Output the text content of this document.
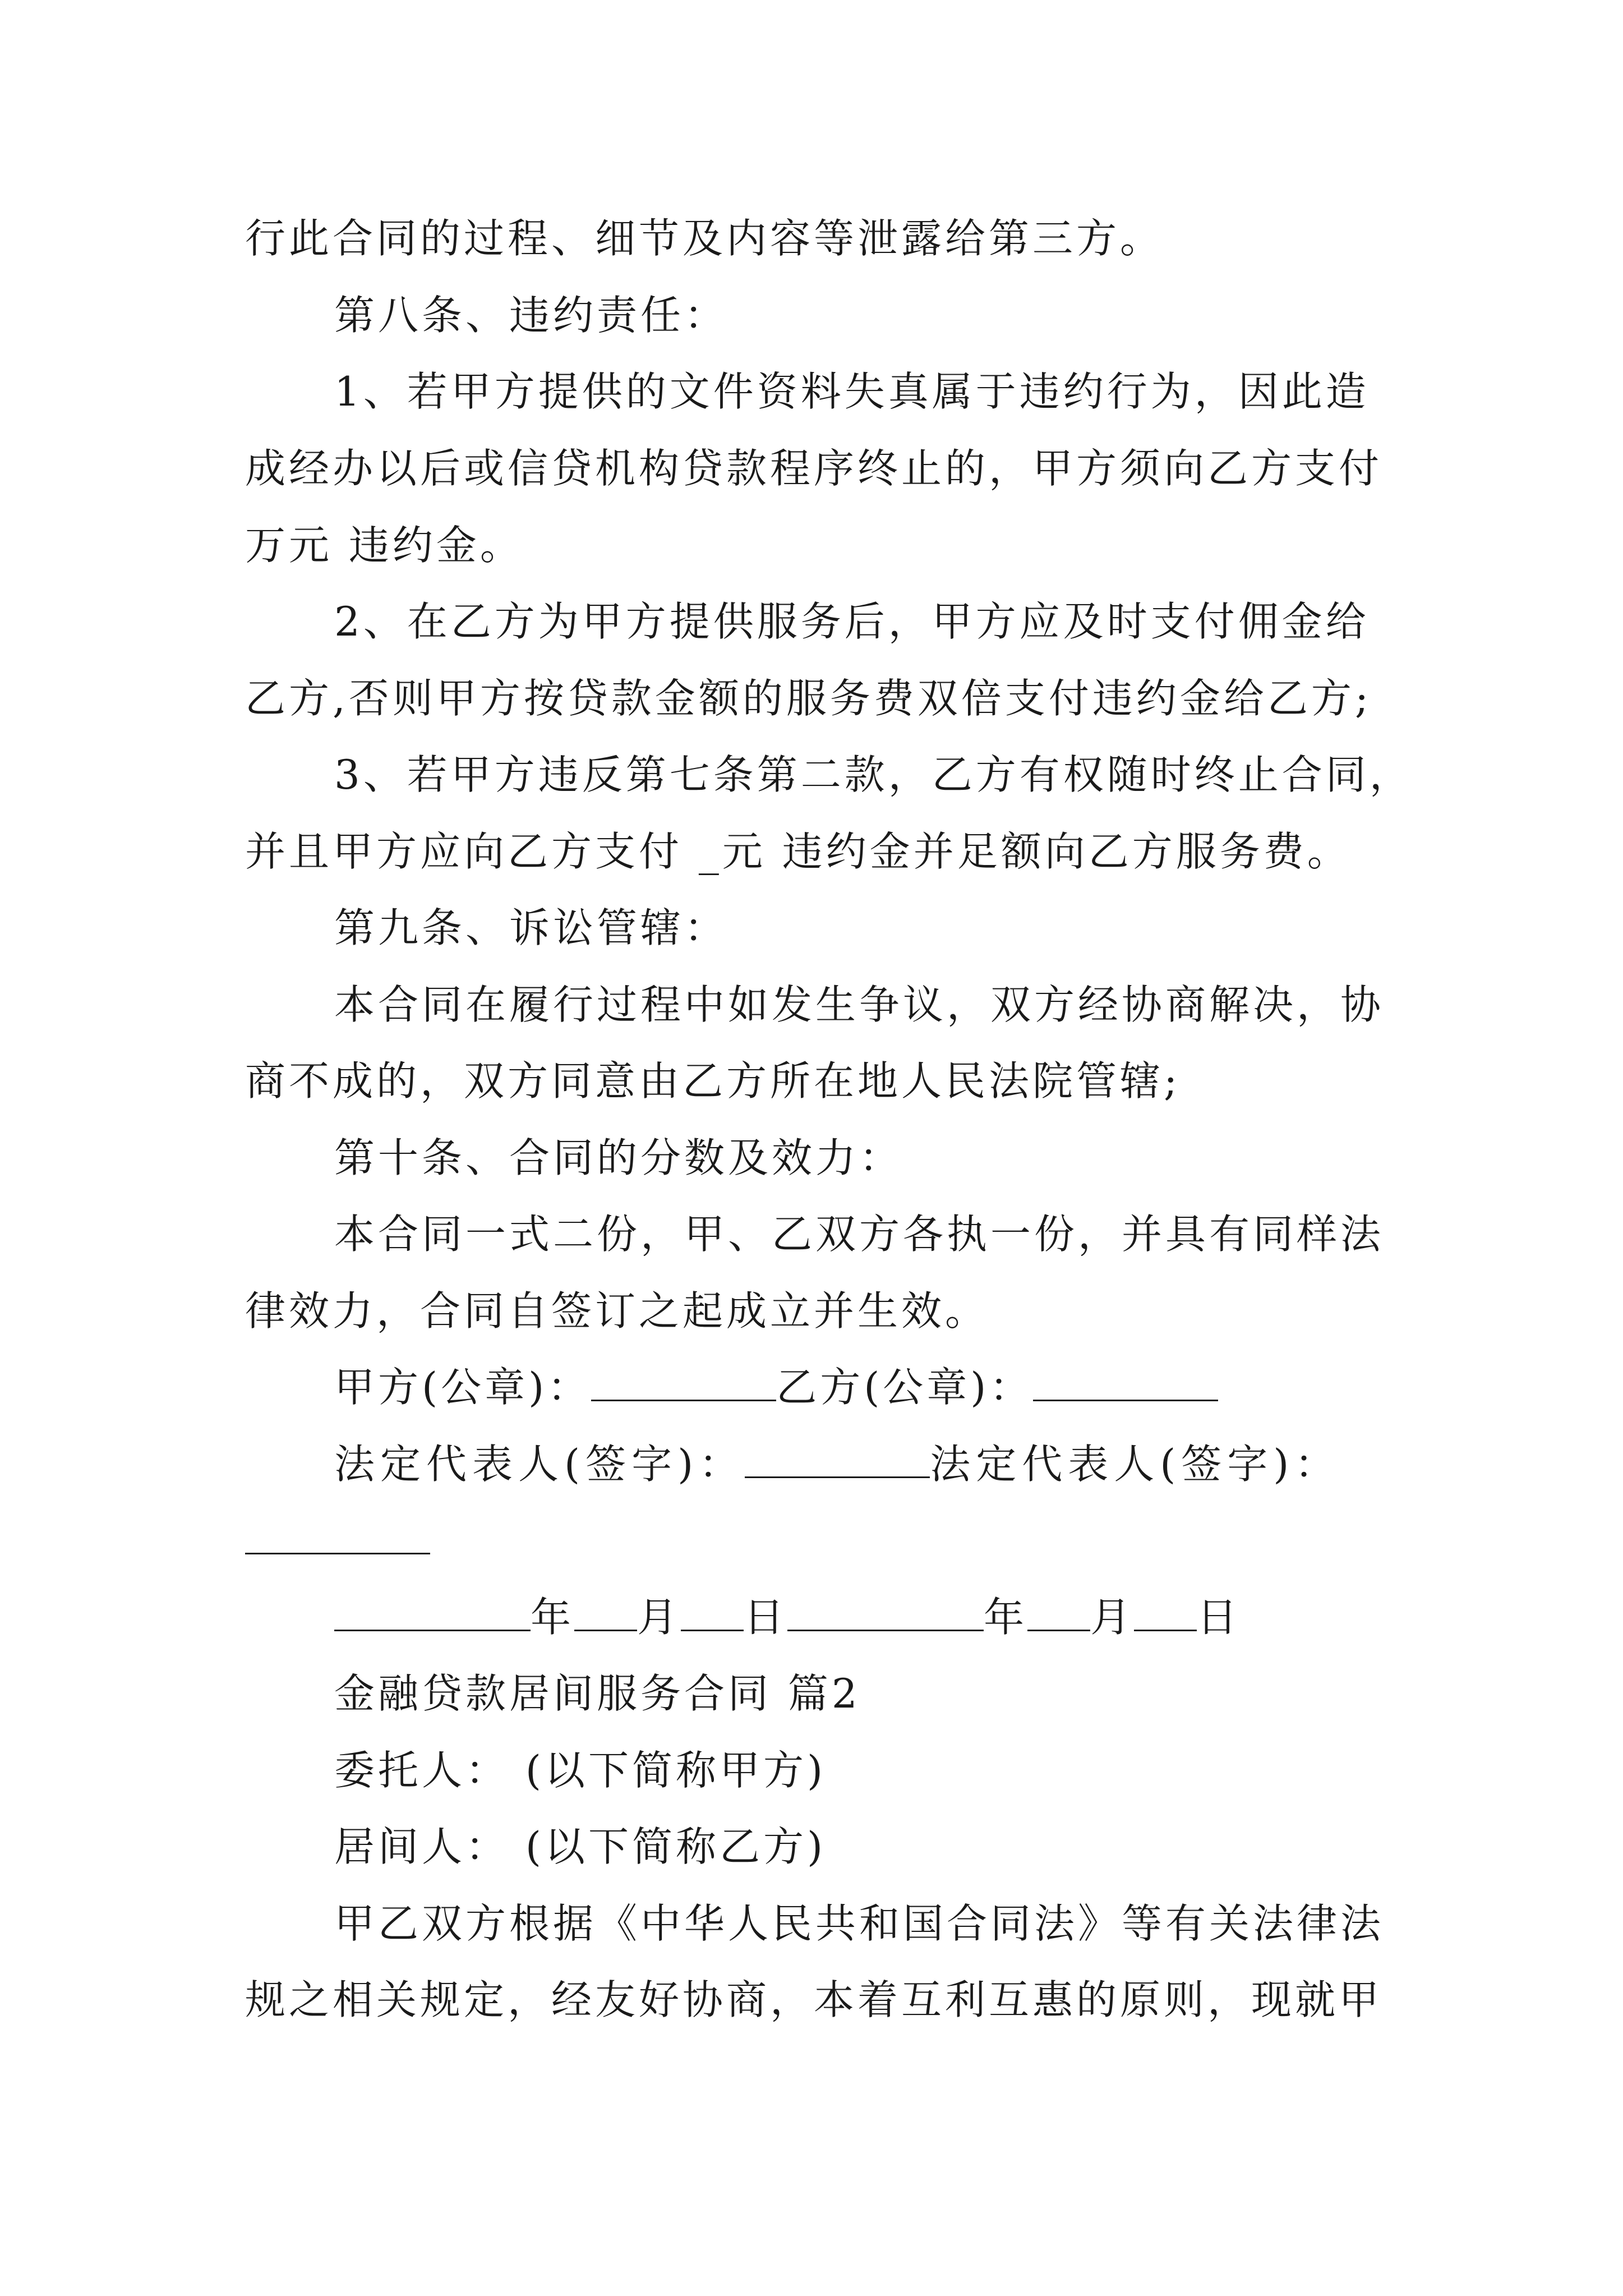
行此合同的过程、细节及内容等泄露给第三方。
第八条、违约责任：
1、若甲方提供的文件资料失真属于违约行为，因此造
成经办以后或信贷机构贷款程序终止的，甲方须向乙方支付
万元 违约金。
2、在乙方为甲方提供服务后，甲方应及时支付佣金给
乙方,否则甲方按贷款金额的服务费双倍支付违约金给乙方;
3、若甲方违反第七条第二款，乙方有权随时终止合同，
并且甲方应向乙方支付 _元 违约金并足额向乙方服务费。
第九条、诉讼管辖：
本合同在履行过程中如发生争议，双方经协商解决，协
商不成的，双方同意由乙方所在地人民法院管辖;
第十条、合同的分数及效力：
本合同一式二份，甲、乙双方各执一份，并具有同样法
律效力，合同自签订之起成立并生效。
甲方(公章)：	乙方(公章)：
法定代表人(签字)：	法定代表人(签字)：
年 月 日	年 月 日
金融贷款居间服务合同 篇2
委托人： (以下简称甲方)
居间人： (以下简称乙方)
甲乙双方根据《中华人民共和国合同法》等有关法律法
规之相关规定，经友好协商，本着互利互惠的原则，现就甲
